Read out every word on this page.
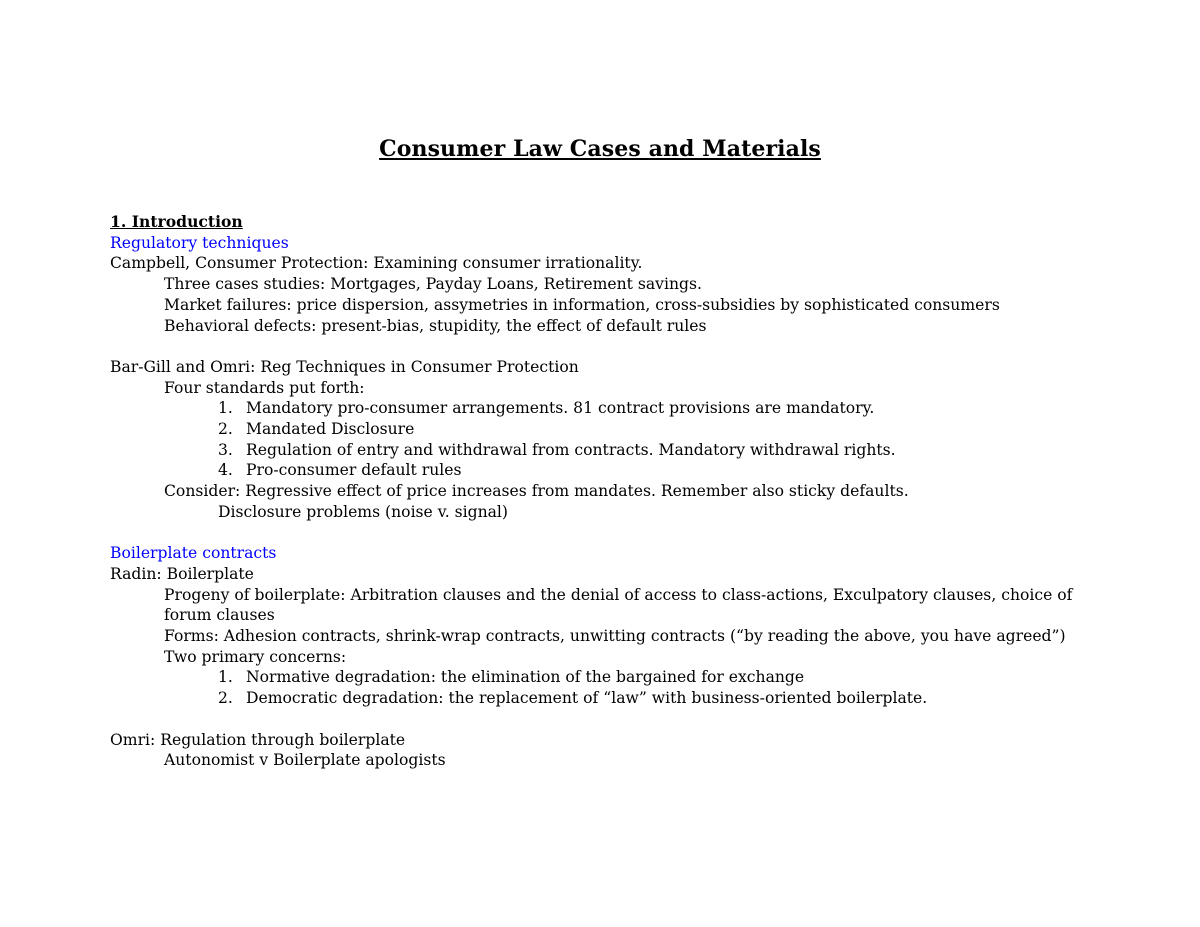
Consumer Law Cases and Materials
1. Introduction
Regulatory techniques
Campbell, Consumer Protection: Examining consumer irrationality.
Three cases studies: Mortgages, Payday Loans, Retirement savings.
Market failures: price dispersion, assymetries in information, cross-subsidies by sophisticated consumers
Behavioral defects: present-bias, stupidity, the effect of default rules
Bar-Gill and Omri: Reg Techniques in Consumer Protection
Four standards put forth:
1. Mandatory pro-consumer arrangements. 81 contract provisions are mandatory.
2. Mandated Disclosure
3. Regulation of entry and withdrawal from contracts. Mandatory withdrawal rights.
4. Pro-consumer default rules
Consider: Regressive effect of price increases from mandates. Remember also sticky defaults.
Disclosure problems (noise v. signal)
Boilerplate contracts
Radin: Boilerplate
Progeny of boilerplate: Arbitration clauses and the denial of access to class-actions, Exculpatory clauses, choice of forum clauses
Forms: Adhesion contracts, shrink-wrap contracts, unwitting contracts (“by reading the above, you have agreed”)
Two primary concerns:
1. Normative degradation: the elimination of the bargained for exchange
2. Democratic degradation: the replacement of “law” with business-oriented boilerplate.
Omri: Regulation through boilerplate
Autonomist v Boilerplate apologists
